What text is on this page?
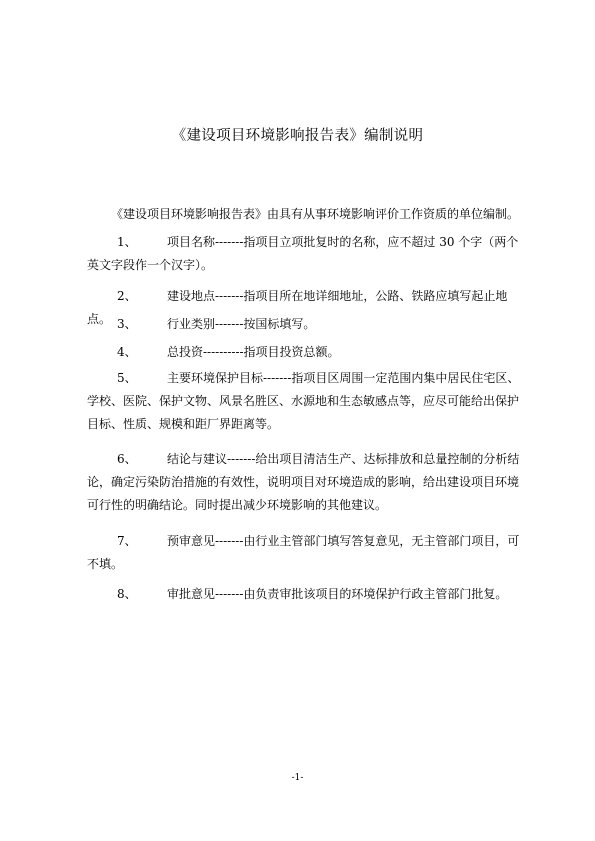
《建设项目环境影响报告表》编制说明

《建设项目环境影响报告表》由具有从事环境影响评价工作资质的单位编制。

1、	项目名称-------指项目立项批复时的名称，应不超过 30 个字（两个英文字段作一个汉字）。

2、	建设地点-------指项目所在地详细地址，公路、铁路应填写起止地点。 3、	行业类别-------按国标填写。

4、	总投资----------指项目投资总额。

5、	主要环境保护目标-------指项目区周围一定范围内集中居民住宅区、学校、医院、保护文物、风景名胜区、水源地和生态敏感点等，应尽可能给出保护目标、性质、规模和距厂界距离等。

6、	结论与建议-------给出项目清洁生产、达标排放和总量控制的分析结论，确定污染防治措施的有效性，说明项目对环境造成的影响，给出建设项目环境可行性的明确结论。同时提出减少环境影响的其他建议。

7、	预审意见-------由行业主管部门填写答复意见，无主管部门项目，可不填。

8、	审批意见-------由负责审批该项目的环境保护行政主管部门批复。

-1-
